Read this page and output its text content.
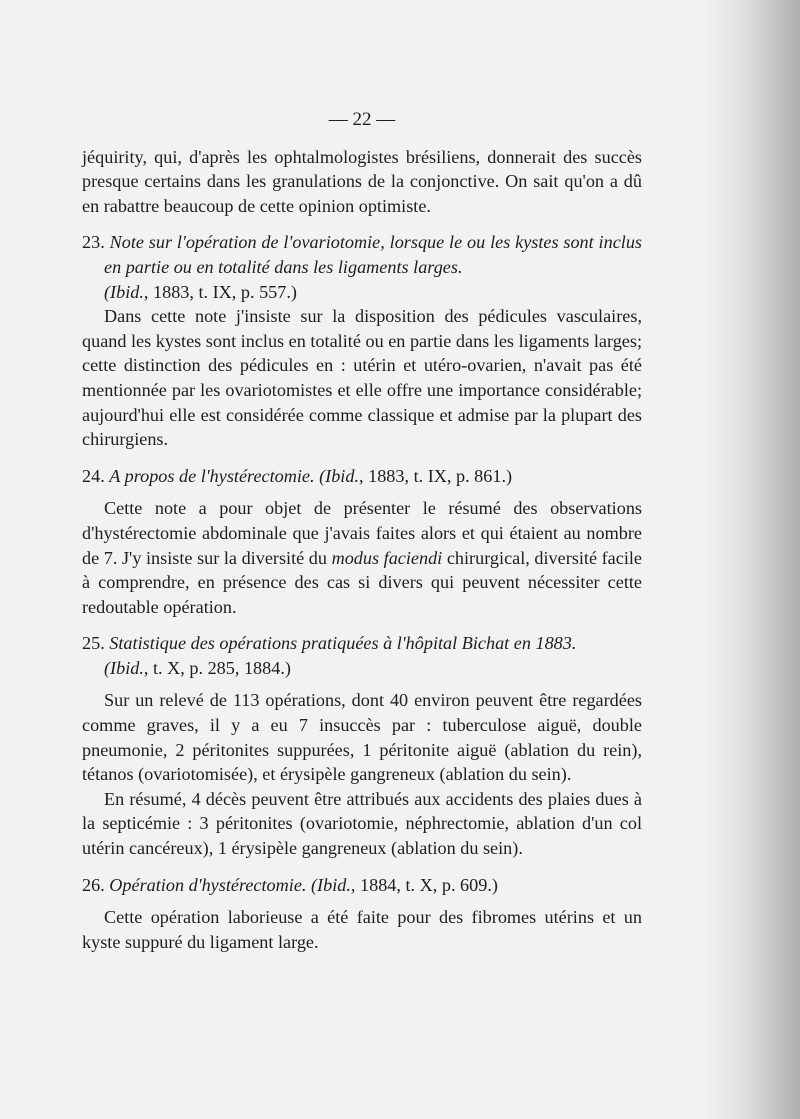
— 22 —

jéquirity, qui, d'après les ophtalmologistes brésiliens, donnerait des succès presque certains dans les granulations de la conjonctive. On sait qu'on a dû en rabattre beaucoup de cette opinion optimiste.

23. Note sur l'opération de l'ovariotomie, lorsque le ou les kystes sont inclus en partie ou en totalité dans les ligaments larges.

(Ibid., 1883, t. IX, p. 557.)

Dans cette note j'insiste sur la disposition des pédicules vasculaires, quand les kystes sont inclus en totalité ou en partie dans les ligaments larges; cette distinction des pédicules en : utérin et utéro-ovarien, n'avait pas été mentionnée par les ovariotomistes et elle offre une importance considérable; aujourd'hui elle est considérée comme classique et admise par la plupart des chirurgiens.

24. A propos de l'hystérectomie. (Ibid., 1883, t. IX, p. 861.)

Cette note a pour objet de présenter le résumé des observations d'hystérectomie abdominale que j'avais faites alors et qui étaient au nombre de 7. J'y insiste sur la diversité du modus faciendi chirurgical, diversité facile à comprendre, en présence des cas si divers qui peuvent nécessiter cette redoutable opération.

25. Statistique des opérations pratiquées à l'hôpital Bichat en 1883.

(Ibid., t. X, p. 285, 1884.)

Sur un relevé de 113 opérations, dont 40 environ peuvent être regardées comme graves, il y a eu 7 insuccès par : tuberculose aiguë, double pneumonie, 2 péritonites suppurées, 1 péritonite aiguë (ablation du rein), tétanos (ovariotomisée), et érysipèle gangreneux (ablation du sein).

En résumé, 4 décès peuvent être attribués aux accidents des plaies dues à la septicémie : 3 péritonites (ovariotomie, néphrectomie, ablation d'un col utérin cancéreux), 1 érysipèle gangreneux (ablation du sein).

26. Opération d'hystérectomie. (Ibid., 1884, t. X, p. 609.)

Cette opération laborieuse a été faite pour des fibromes utérins et un kyste suppuré du ligament large.
